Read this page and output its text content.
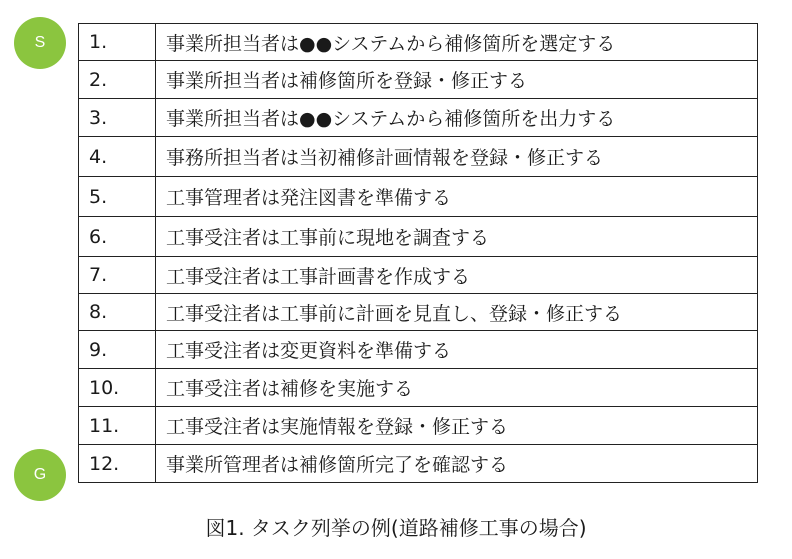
S	1.	事業所担当者は●●システムから補修箇所を選定する
2.	事業所担当者は補修箇所を登録・修正する
3.	事業所担当者は●●システムから補修箇所を出力する
4.	事務所担当者は当初補修計画情報を登録・修正する
5.	工事管理者は発注図書を準備する
6.	工事受注者は工事前に現地を調査する
7.	工事受注者は工事計画書を作成する
8.	工事受注者は工事前に計画を見直し、登録・修正する
9.	工事受注者は変更資料を準備する
10.	工事受注者は補修を実施する
11.	工事受注者は実施情報を登録・修正する
12.	事業所管理者は補修箇所完了を確認する
G
図1. タスク列挙の例(道路補修工事の場合)
